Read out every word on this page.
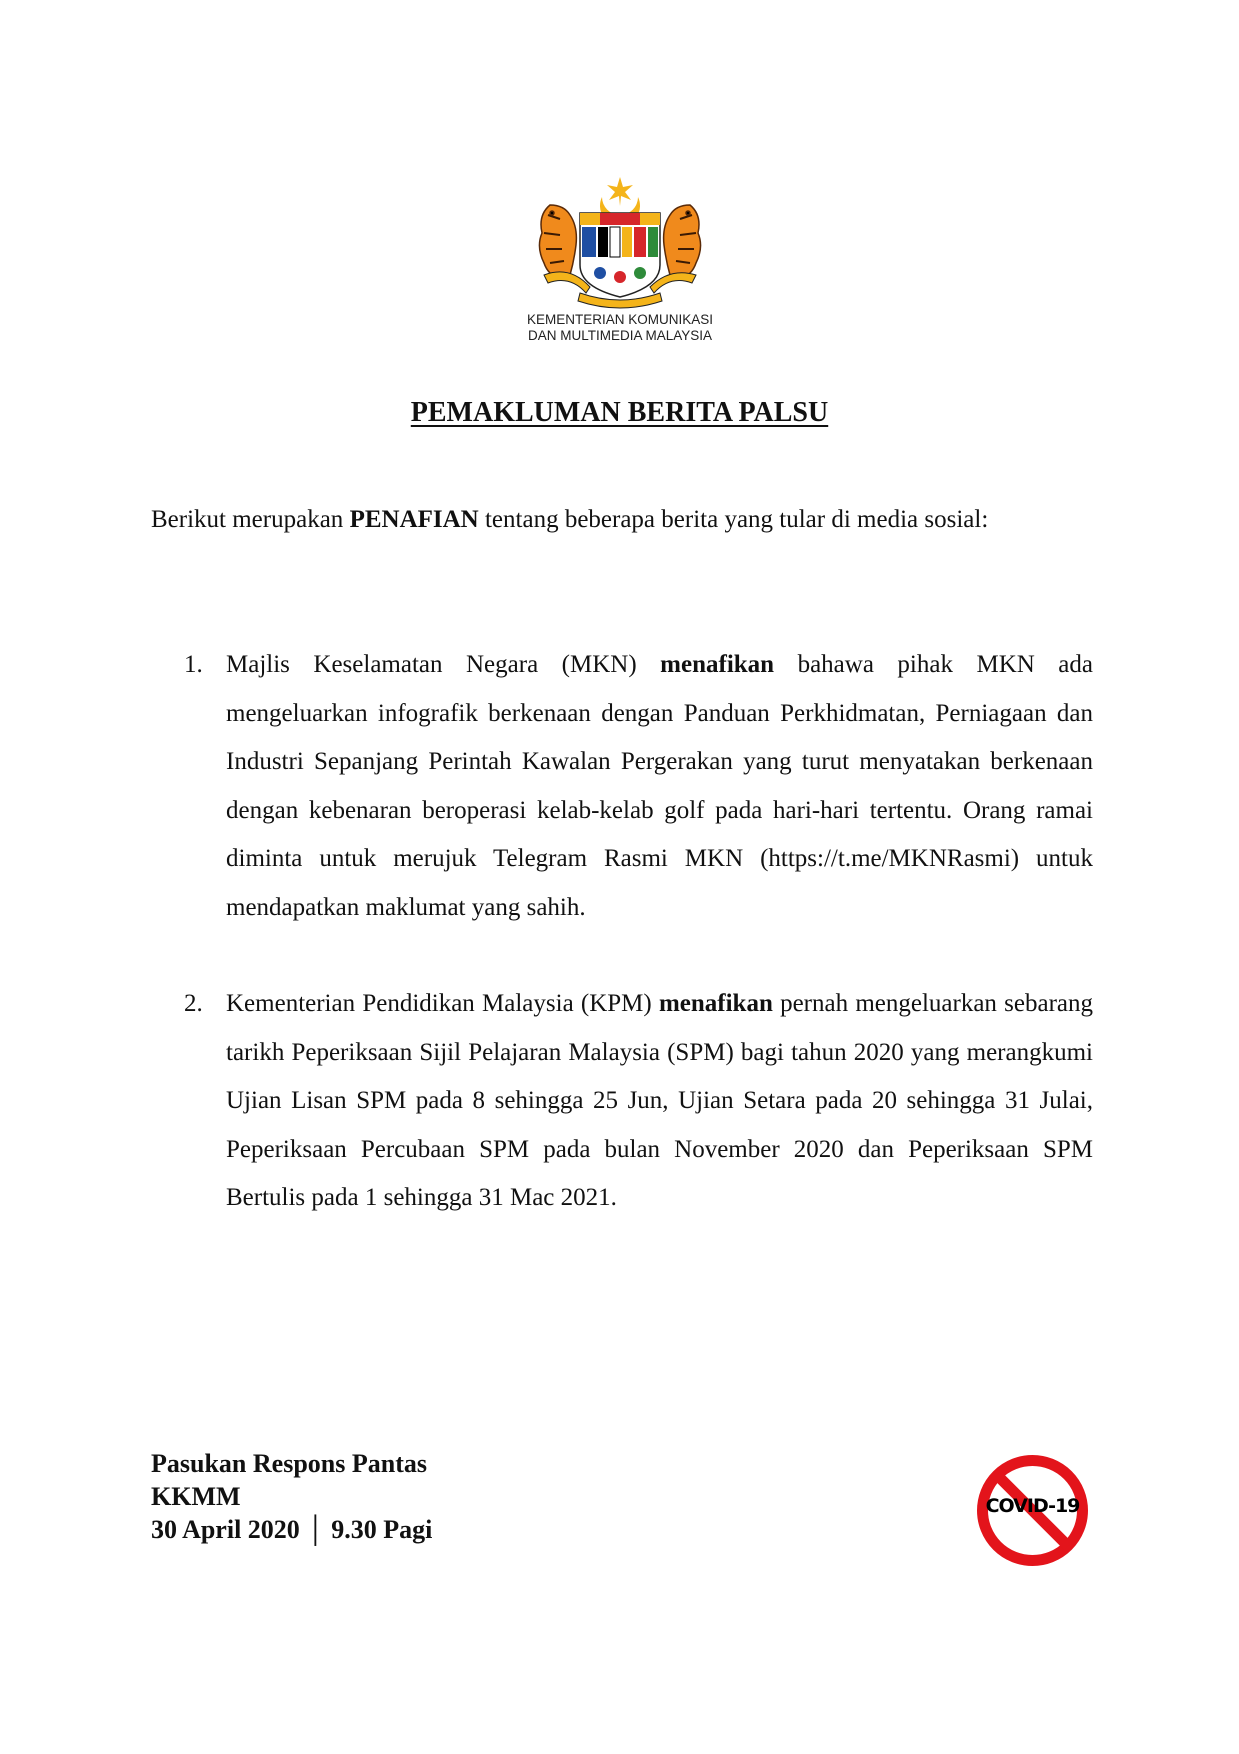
KEMENTERIAN KOMUNIKASI
DAN MULTIMEDIA MALAYSIA
PEMAKLUMAN BERITA PALSU

Berikut merupakan PENAFIAN tentang beberapa berita yang tular di media sosial:

1. Majlis Keselamatan Negara (MKN) menafikan bahawa pihak MKN ada mengeluarkan infografik berkenaan dengan Panduan Perkhidmatan, Perniagaan dan Industri Sepanjang Perintah Kawalan Pergerakan yang turut menyatakan berkenaan dengan kebenaran beroperasi kelab-kelab golf pada hari-hari tertentu. Orang ramai diminta untuk merujuk Telegram Rasmi MKN (https://t.me/MKNRasmi) untuk mendapatkan maklumat yang sahih.
2. Kementerian Pendidikan Malaysia (KPM) menafikan pernah mengeluarkan sebarang tarikh Peperiksaan Sijil Pelajaran Malaysia (SPM) bagi tahun 2020 yang merangkumi Ujian Lisan SPM pada 8 sehingga 25 Jun, Ujian Setara pada 20 sehingga 31 Julai, Peperiksaan Percubaan SPM pada bulan November 2020 dan Peperiksaan SPM Bertulis pada 1 sehingga 31 Mac 2021.
Pasukan Respons Pantas
KKMM
30 April 2020 │ 9.30 Pagi
COVID-19
